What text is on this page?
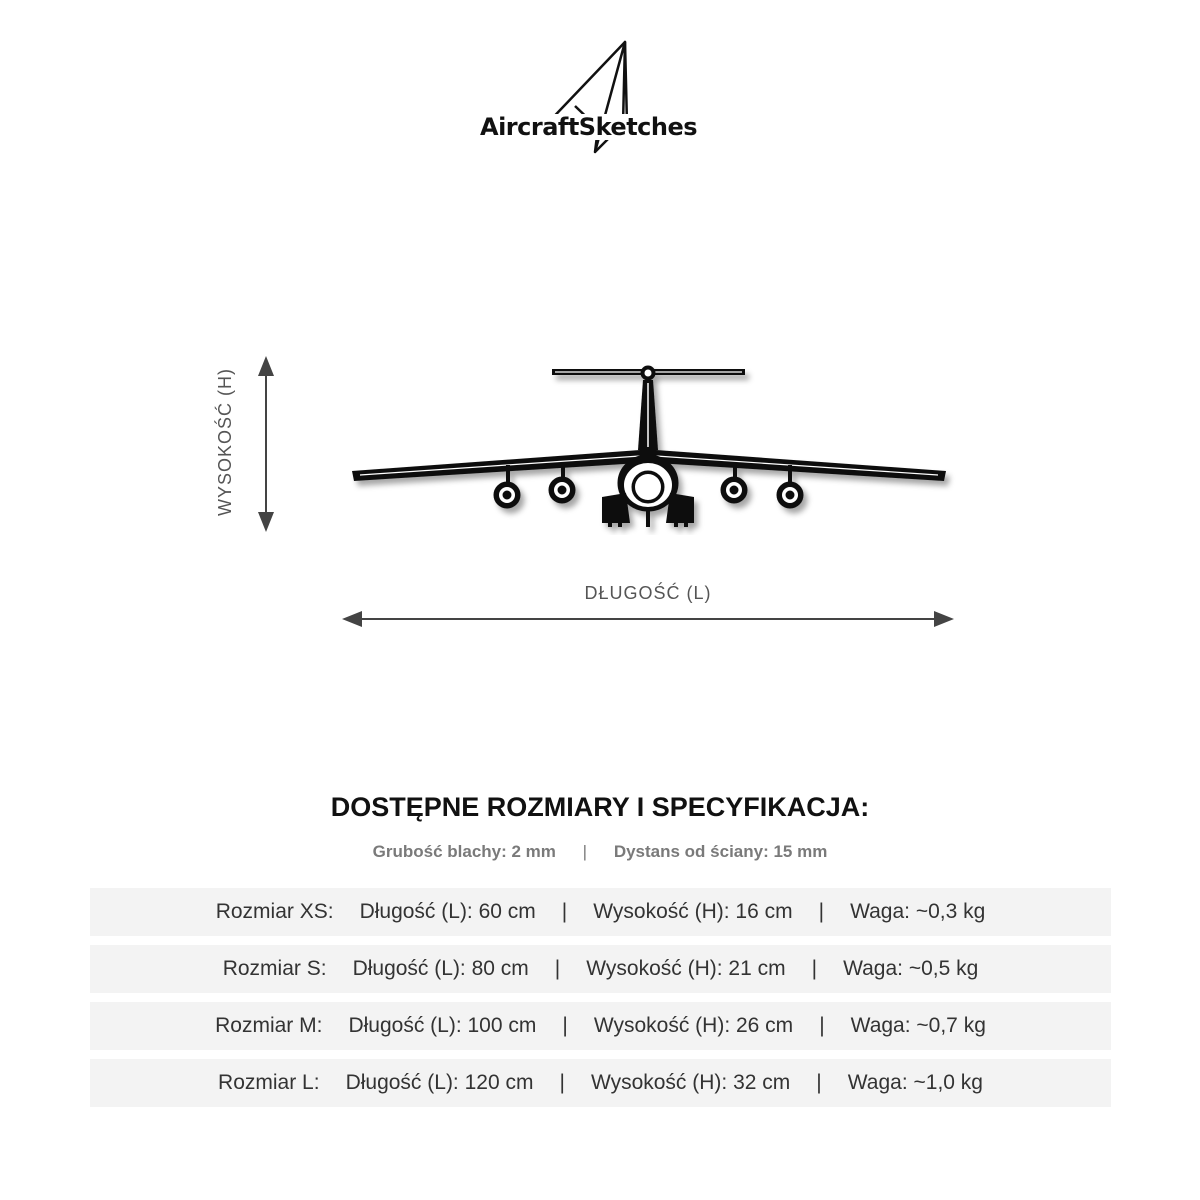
AircraftSketches
WYSOKOŚĆ (H)
DŁUGOŚĆ (L)
DOSTĘPNE ROZMIARY I SPECYFIKACJA:
Grubość blachy: 2 mm | Dystans od ściany: 15 mm
Rozmiar XS: Długość (L): 60 cm | Wysokość (H): 16 cm | Waga: ~0,3 kg
Rozmiar S: Długość (L): 80 cm | Wysokość (H): 21 cm | Waga: ~0,5 kg
Rozmiar M: Długość (L): 100 cm | Wysokość (H): 26 cm | Waga: ~0,7 kg
Rozmiar L: Długość (L): 120 cm | Wysokość (H): 32 cm | Waga: ~1,0 kg
